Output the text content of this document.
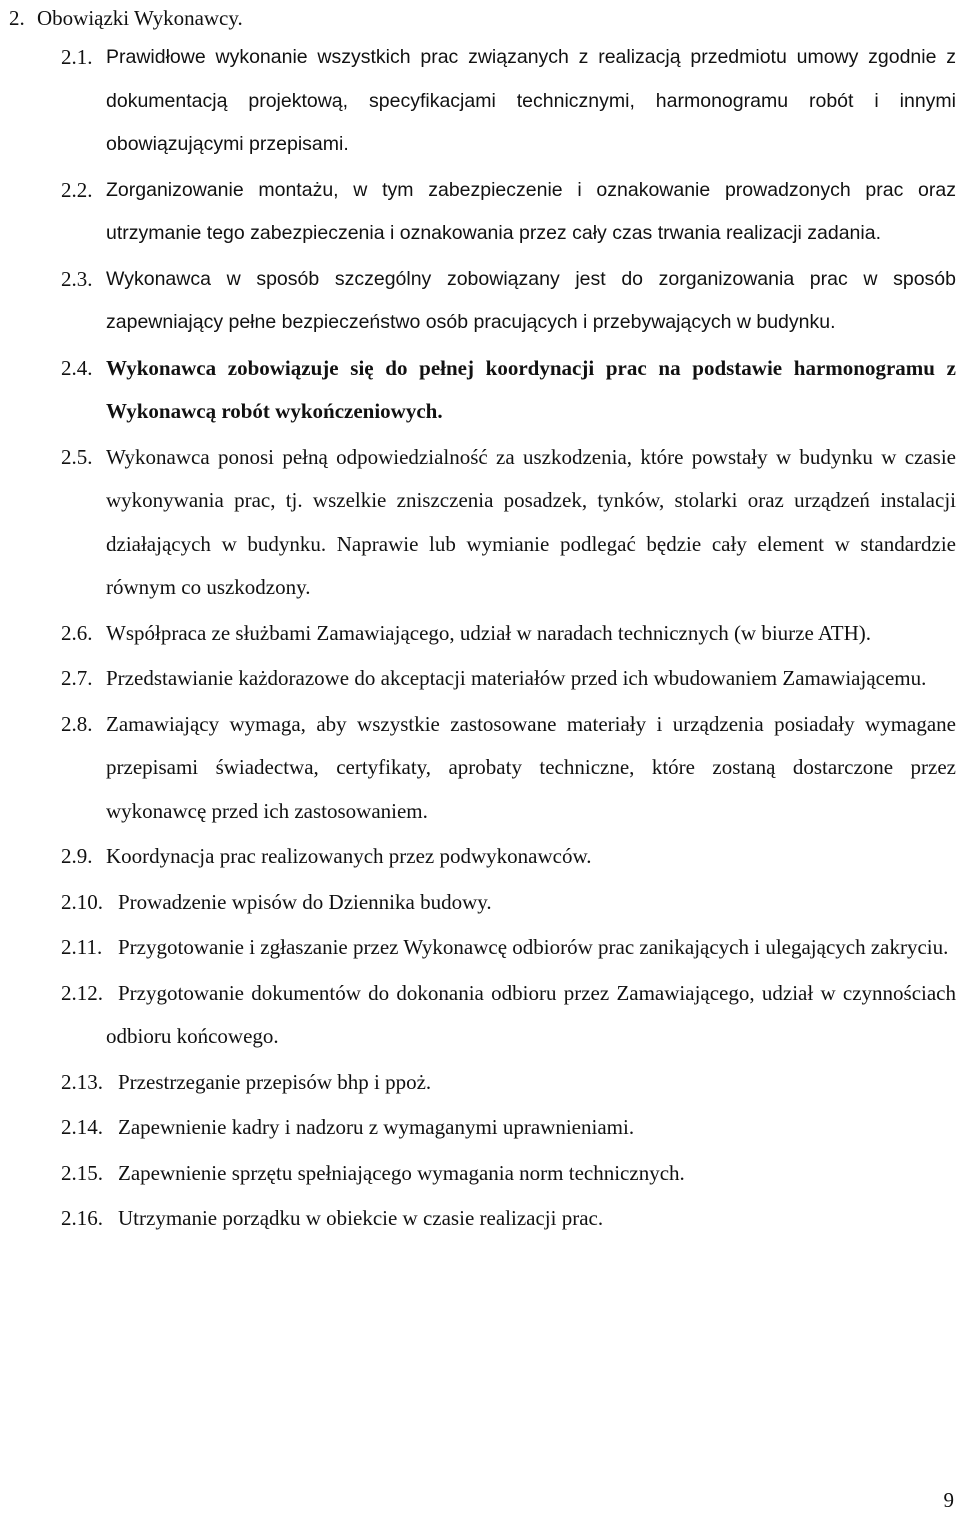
2. Obowiązki Wykonawcy.
2.1. Prawidłowe wykonanie wszystkich prac związanych z realizacją przedmiotu umowy zgodnie z dokumentacją projektową, specyfikacjami technicznymi, harmonogramu robót i innymi obowiązującymi przepisami.
2.2. Zorganizowanie montażu, w tym zabezpieczenie i oznakowanie prowadzonych prac oraz utrzymanie tego zabezpieczenia i oznakowania przez cały czas trwania realizacji zadania.
2.3. Wykonawca w sposób szczególny zobowiązany jest do zorganizowania prac w sposób zapewniający pełne bezpieczeństwo osób pracujących i przebywających w budynku.
2.4. Wykonawca zobowiązuje się do pełnej koordynacji prac na podstawie harmonogramu z Wykonawcą robót wykończeniowych.
2.5. Wykonawca ponosi pełną odpowiedzialność za uszkodzenia, które powstały w budynku w czasie wykonywania prac, tj. wszelkie zniszczenia posadzek, tynków, stolarki oraz urządzeń instalacji działających w budynku. Naprawie lub wymianie podlegać będzie cały element w standardzie równym co uszkodzony.
2.6. Współpraca ze służbami Zamawiającego, udział w naradach technicznych (w biurze ATH).
2.7. Przedstawianie każdorazowe do akceptacji materiałów przed ich wbudowaniem Zamawiającemu.
2.8. Zamawiający wymaga, aby wszystkie zastosowane materiały i urządzenia posiadały wymagane przepisami świadectwa, certyfikaty, aprobaty techniczne, które zostaną dostarczone przez wykonawcę przed ich zastosowaniem.
2.9. Koordynacja prac realizowanych przez podwykonawców.
2.10. Prowadzenie wpisów do Dziennika budowy.
2.11. Przygotowanie i zgłaszanie przez Wykonawcę odbiorów prac zanikających i ulegających zakryciu.
2.12. Przygotowanie dokumentów do dokonania odbioru przez Zamawiającego, udział w czynnościach odbioru końcowego.
2.13. Przestrzeganie przepisów bhp i ppoż.
2.14. Zapewnienie kadry i nadzoru z wymaganymi uprawnieniami.
2.15. Zapewnienie sprzętu spełniającego wymagania norm technicznych.
2.16. Utrzymanie porządku w obiekcie w czasie realizacji prac.
9
